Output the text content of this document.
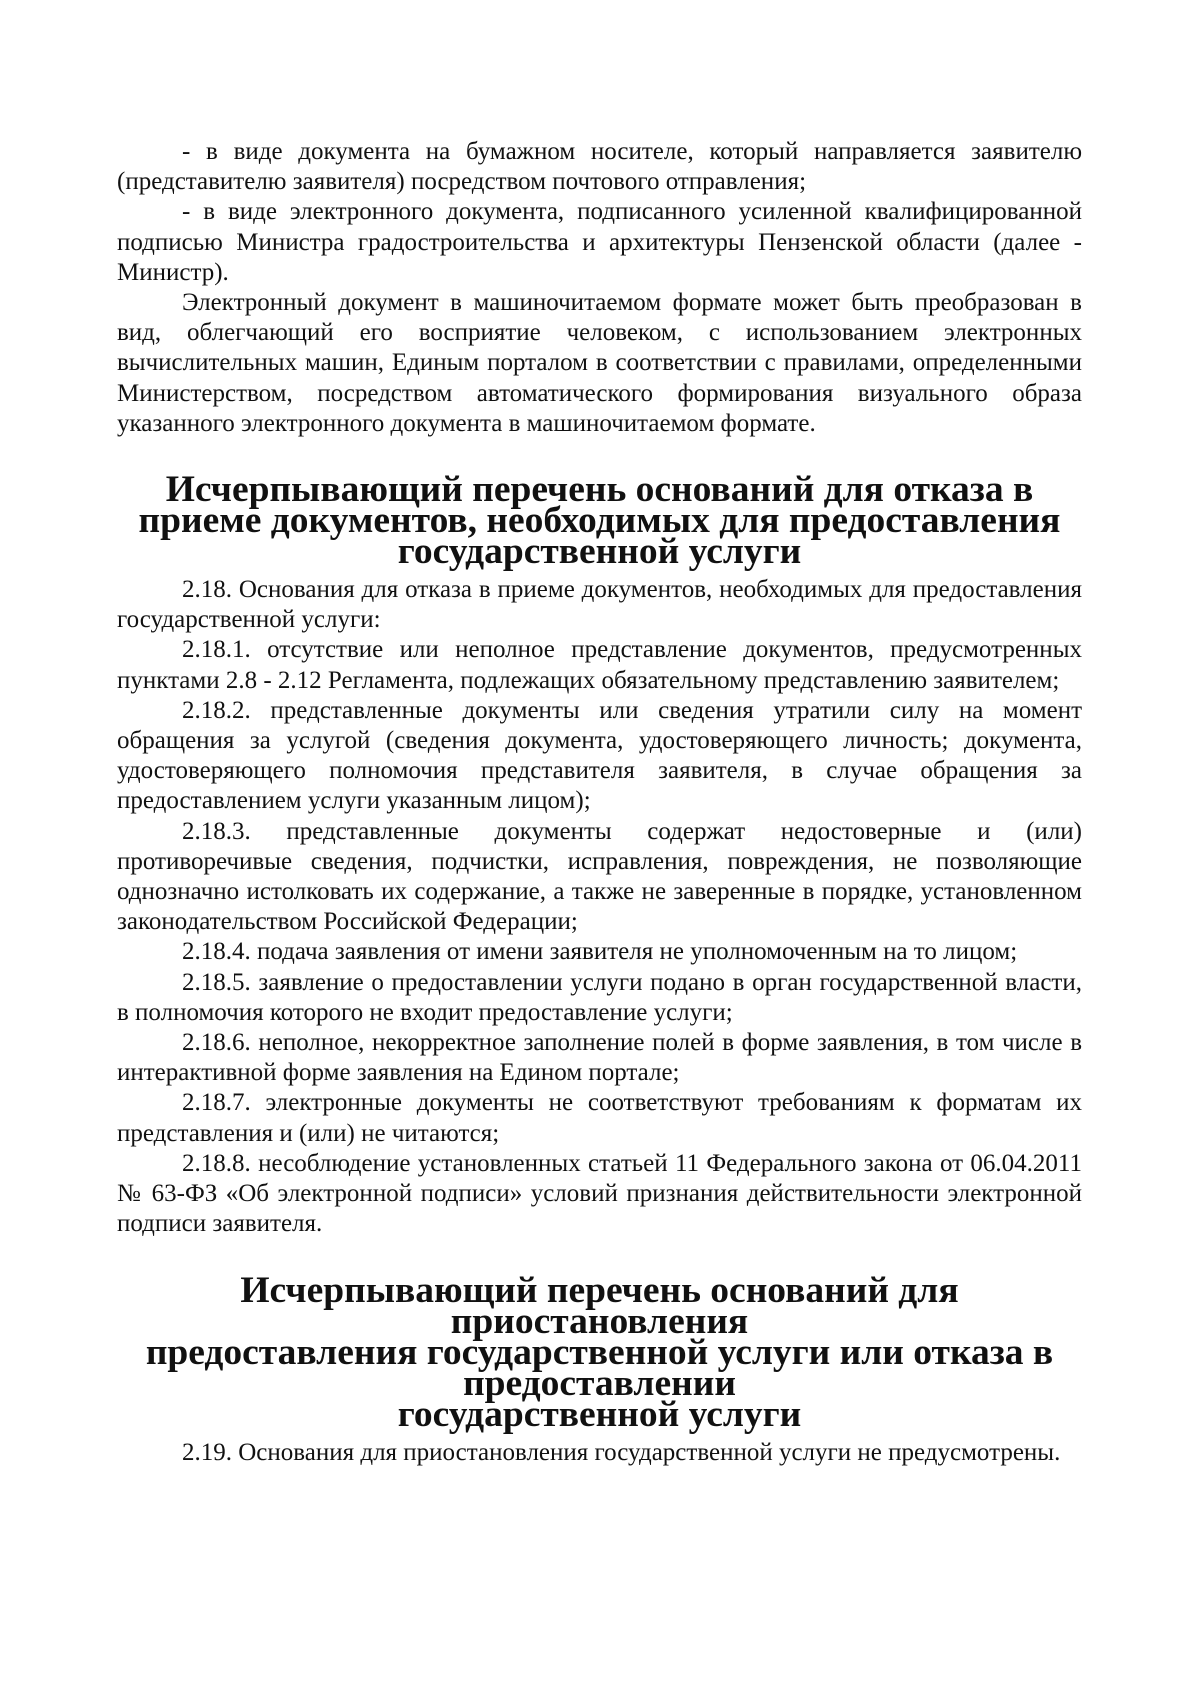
- в виде документа на бумажном носителе, который направляется заявителю (представителю заявителя) посредством почтового отправления;

- в виде электронного документа, подписанного усиленной квалифицированной подписью Министра градостроительства и архитектуры Пензенской области (далее - Министр).

Электронный документ в машиночитаемом формате может быть преобразован в вид, облегчающий его восприятие человеком, с использованием электронных вычислительных машин, Единым порталом в соответствии с правилами, определенными Министерством, посредством автоматического формирования визуального образа указанного электронного документа в машиночитаемом формате.

Исчерпывающий перечень оснований для отказа в приеме документов, необходимых для предоставления государственной услуги

2.18. Основания для отказа в приеме документов, необходимых для предоставления государственной услуги:

2.18.1. отсутствие или неполное представление документов, предусмотренных пунктами 2.8 - 2.12 Регламента, подлежащих обязательному представлению заявителем;

2.18.2. представленные документы или сведения утратили силу на момент обращения за услугой (сведения документа, удостоверяющего личность; документа, удостоверяющего полномочия представителя заявителя, в случае обращения за предоставлением услуги указанным лицом);

2.18.3. представленные документы содержат недостоверные и (или) противоречивые сведения, подчистки, исправления, повреждения, не позволяющие однозначно истолковать их содержание, а также не заверенные в порядке, установленном законодательством Российской Федерации;

2.18.4. подача заявления от имени заявителя не уполномоченным на то лицом;

2.18.5. заявление о предоставлении услуги подано в орган государственной власти, в полномочия которого не входит предоставление услуги;

2.18.6. неполное, некорректное заполнение полей в форме заявления, в том числе в интерактивной форме заявления на Едином портале;

2.18.7. электронные документы не соответствуют требованиям к форматам их представления и (или) не читаются;

2.18.8. несоблюдение установленных статьей 11 Федерального закона от 06.04.2011 № 63-ФЗ «Об электронной подписи» условий признания действительности электронной подписи заявителя.

Исчерпывающий перечень оснований для приостановления
предоставления государственной услуги или отказа в предоставлении
государственной услуги

2.19. Основания для приостановления государственной услуги не предусмотрены.
